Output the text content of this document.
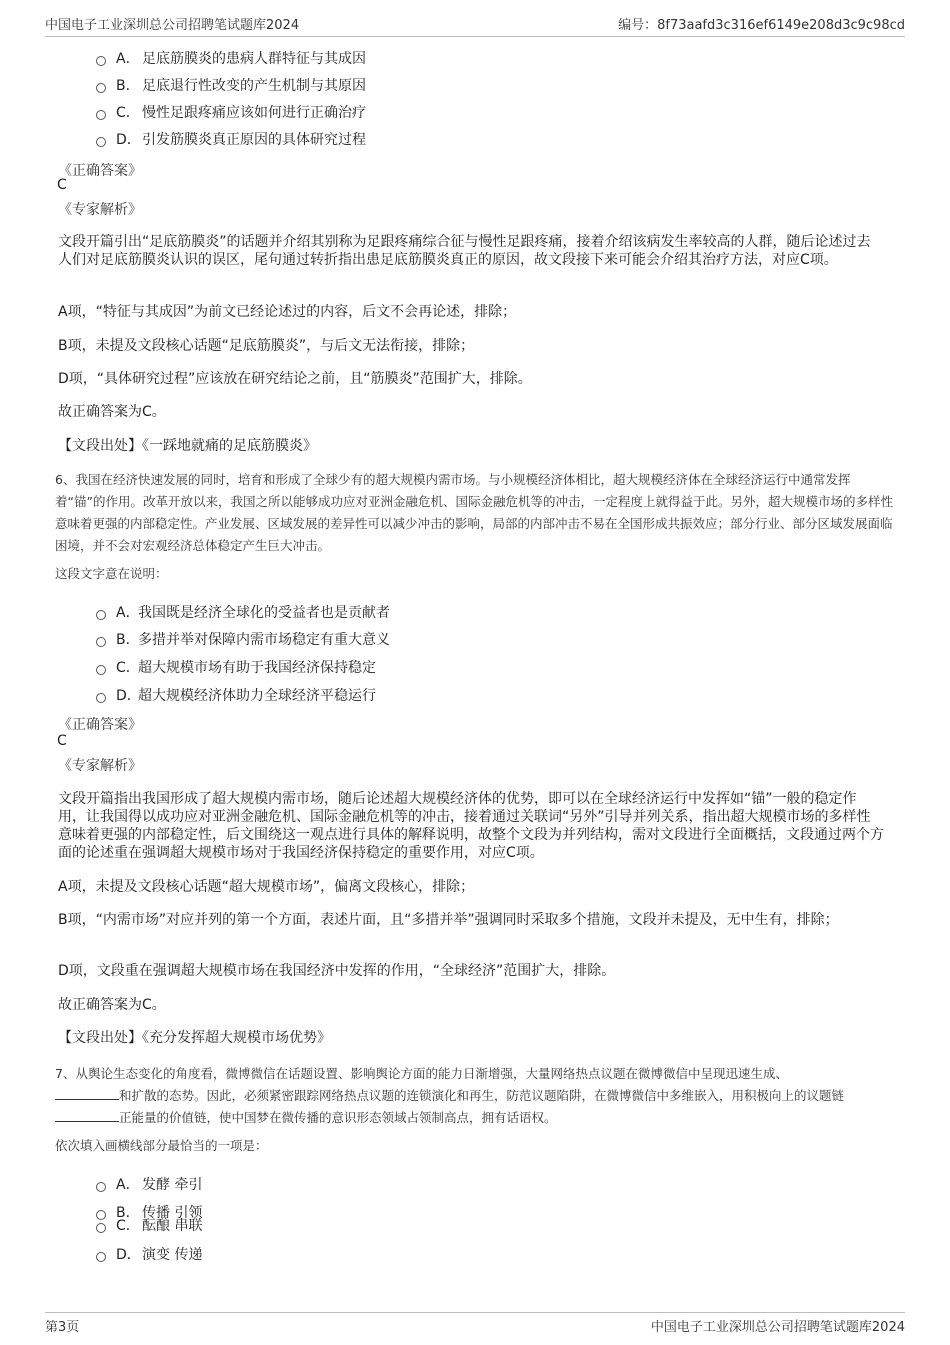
中国电子工业深圳总公司招聘笔试题库2024	编号：8f73aafd3c316ef6149e208d3c9c98cd
A． 足底筋膜炎的患病人群特征与其成因
B． 足底退行性改变的产生机制与其原因
C． 慢性足跟疼痛应该如何进行正确治疗
D． 引发筋膜炎真正原因的具体研究过程
《正确答案》
C
《专家解析》
文段开篇引出“足底筋膜炎”的话题并介绍其别称为足跟疼痛综合征与慢性足跟疼痛，接着介绍该病发生率较高的人群，随后论述过去人们对足底筋膜炎认识的误区，尾句通过转折指出患足底筋膜炎真正的原因，故文段接下来可能会介绍其治疗方法，对应C项。
A项，“特征与其成因”为前文已经论述过的内容，后文不会再论述，排除；
B项，未提及文段核心话题“足底筋膜炎”，与后文无法衔接，排除；
D项，“具体研究过程”应该放在研究结论之前，且“筋膜炎”范围扩大，排除。
故正确答案为C。
【文段出处】《一踩地就痛的足底筋膜炎》
6、我国在经济快速发展的同时，培育和形成了全球少有的超大规模内需市场。与小规模经济体相比，超大规模经济体在全球经济运行中通常发挥着“锚”的作用。改革开放以来，我国之所以能够成功应对亚洲金融危机、国际金融危机等的冲击，一定程度上就得益于此。另外，超大规模市场的多样性意味着更强的内部稳定性。产业发展、区域发展的差异性可以减少冲击的影响，局部的内部冲击不易在全国形成共振效应；部分行业、部分区域发展面临困境，并不会对宏观经济总体稳定产生巨大冲击。
这段文字意在说明：
A．
我国既是经济全球化的受益者也是贡献者
B．
多措并举对保障内需市场稳定有重大意义
C．
超大规模市场有助于我国经济保持稳定
D．
超大规模经济体助力全球经济平稳运行
《正确答案》
C
《专家解析》
文段开篇指出我国形成了超大规模内需市场，随后论述超大规模经济体的优势，即可以在全球经济运行中发挥如“锚”一般的稳定作用，让我国得以成功应对亚洲金融危机、国际金融危机等的冲击，接着通过关联词“另外”引导并列关系，指出超大规模市场的多样性意味着更强的内部稳定性，后文围绕这一观点进行具体的解释说明，故整个文段为并列结构，需对文段进行全面概括，文段通过两个方面的论述重在强调超大规模市场对于我国经济保持稳定的重要作用，对应C项。
A项，未提及文段核心话题“超大规模市场”，偏离文段核心，排除；
B项，“内需市场”对应并列的第一个方面，表述片面，且“多措并举”强调同时采取多个措施，文段并未提及，无中生有，排除；
D项，文段重在强调超大规模市场在我国经济中发挥的作用，“全球经济”范围扩大，排除。
故正确答案为C。
【文段出处】《充分发挥超大规模市场优势》
7、从舆论生态变化的角度看，微博微信在话题设置、影响舆论方面的能力日渐增强，大量网络热点议题在微博微信中呈现迅速生成、
和扩散的态势。因此，必须紧密跟踪网络热点议题的连锁演化和再生，防范议题陷阱，在微博微信中多维嵌入，用积极向上的议题链
正能量的价值链，使中国梦在微传播的意识形态领域占领制高点，拥有话语权。
依次填入画横线部分最恰当的一项是：
A． 发酵 牵引
B． 传播 引领
C． 酝酿 串联
D． 演变 传递
第3页	中国电子工业深圳总公司招聘笔试题库2024
